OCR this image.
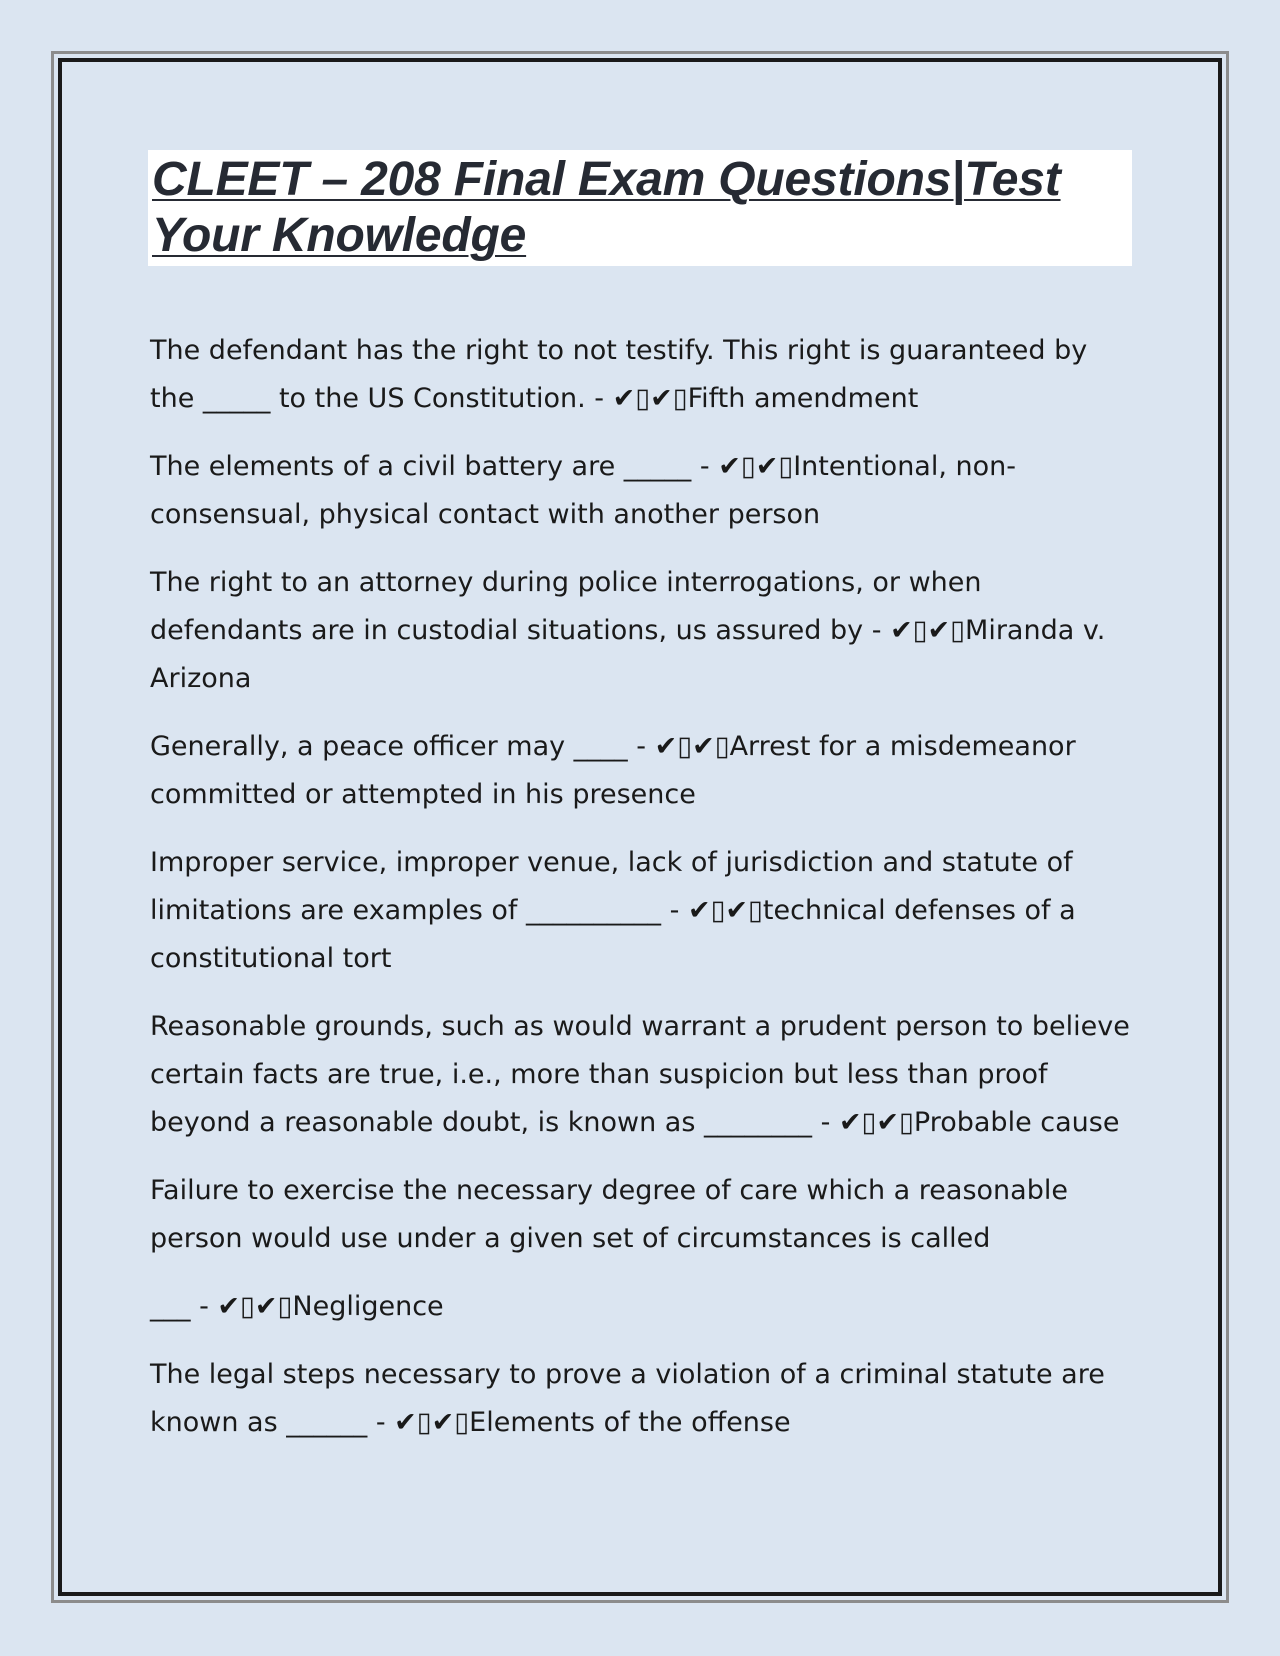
CLEET – 208 Final Exam Questions|Test Your Knowledge

The defendant has the right to not testify. This right is guaranteed by the _____ to the US Constitution. - ✔▯✔▯Fifth amendment

The elements of a civil battery are _____ - ✔▯✔▯Intentional, non-consensual, physical contact with another person

The right to an attorney during police interrogations, or when defendants are in custodial situations, us assured by - ✔▯✔▯Miranda v. Arizona

Generally, a peace officer may ____ - ✔▯✔▯Arrest for a misdemeanor committed or attempted in his presence

Improper service, improper venue, lack of jurisdiction and statute of limitations are examples of __________ - ✔▯✔▯technical defenses of a constitutional tort

Reasonable grounds, such as would warrant a prudent person to believe certain facts are true, i.e., more than suspicion but less than proof beyond a reasonable doubt, is known as ________ - ✔▯✔▯Probable cause

Failure to exercise the necessary degree of care which a reasonable person would use under a given set of circumstances is called

___ - ✔▯✔▯Negligence

The legal steps necessary to prove a violation of a criminal statute are known as ______ - ✔▯✔▯Elements of the offense
